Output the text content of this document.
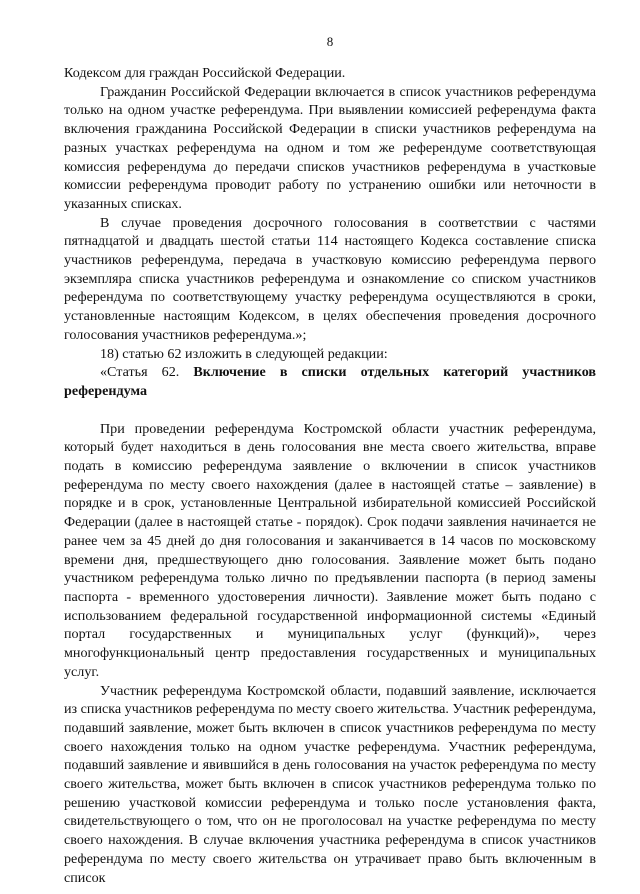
8

Кодексом для граждан Российской Федерации.

Гражданин Российской Федерации включается в список участников референдума только на одном участке референдума. При выявлении комиссией референдума факта включения гражданина Российской Федерации в списки участников референдума на разных участках референдума на одном и том же референдуме соответствующая комиссия референдума до передачи списков участников референдума в участковые комиссии референдума проводит работу по устранению ошибки или неточности в указанных списках.

В случае проведения досрочного голосования в соответствии с частями пятнадцатой и двадцать шестой статьи 114 настоящего Кодекса составление списка участников референдума, передача в участковую комиссию референдума первого экземпляра списка участников референдума и ознакомление со списком участников референдума по соответствующему участку референдума осуществляются в сроки, установленные настоящим Кодексом, в целях обеспечения проведения досрочного голосования участников референдума.»;

18) статью 62 изложить в следующей редакции:

«Статья 62. Включение в списки отдельных категорий участников референдума

При проведении референдума Костромской области участник референдума, который будет находиться в день голосования вне места своего жительства, вправе подать в комиссию референдума заявление о включении в список участников референдума по месту своего нахождения (далее в настоящей статье – заявление) в порядке и в срок, установленные Центральной избирательной комиссией Российской Федерации (далее в настоящей статье - порядок). Срок подачи заявления начинается не ранее чем за 45 дней до дня голосования и заканчивается в 14 часов по московскому времени дня, предшествующего дню голосования. Заявление может быть подано участником референдума только лично по предъявлении паспорта (в период замены паспорта - временного удостоверения личности). Заявление может быть подано с использованием федеральной государственной информационной системы «Единый портал государственных и муниципальных услуг (функций)», через многофункциональный центр предоставления государственных и муниципальных услуг.

Участник референдума Костромской области, подавший заявление, исключается из списка участников референдума по месту своего жительства. Участник референдума, подавший заявление, может быть включен в список участников референдума по месту своего нахождения только на одном участке референдума. Участник референдума, подавший заявление и явившийся в день голосования на участок референдума по месту своего жительства, может быть включен в список участников референдума только по решению участковой комиссии референдума и только после установления факта, свидетельствующего о том, что он не проголосовал на участке референдума по месту своего нахождения. В случае включения участника референдума в список участников референдума по месту своего жительства он утрачивает право быть включенным в список
